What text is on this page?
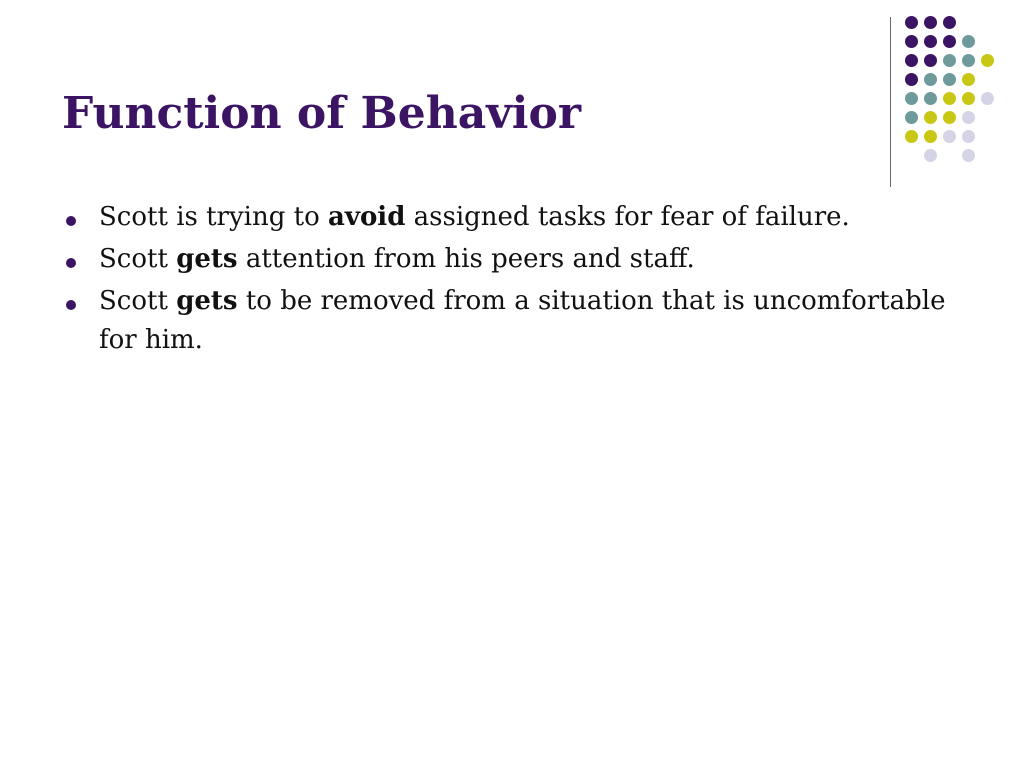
Function of Behavior
Scott is trying to avoid assigned tasks for fear of failure.
Scott gets attention from his peers and staff.
Scott gets to be removed from a situation that is uncomfortable for him.
